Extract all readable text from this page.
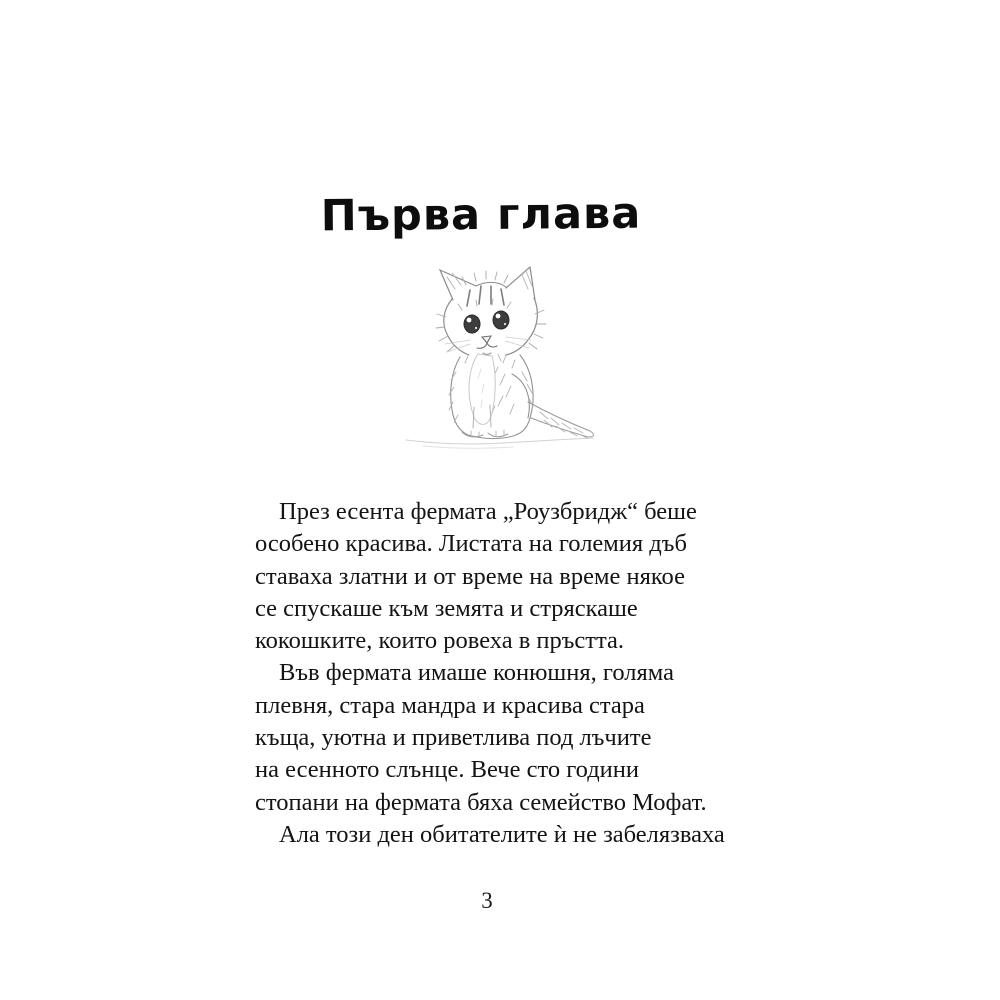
Първа глава

През есента фермата „Роузбридж“ беше
особено красива. Листата на големия дъб
ставаха златни и от време на време някое
се спускаше към земята и стряскаше
кокошките, които ровеха в пръстта.

Във фермата имаше конюшня, голяма
плевня, стара мандра и красива стара
къща, уютна и приветлива под лъчите
на есенното слънце. Вече сто години
стопани на фермата бяха семейство Мофат.

Ала този ден обитателите ѝ не забелязваха

3
